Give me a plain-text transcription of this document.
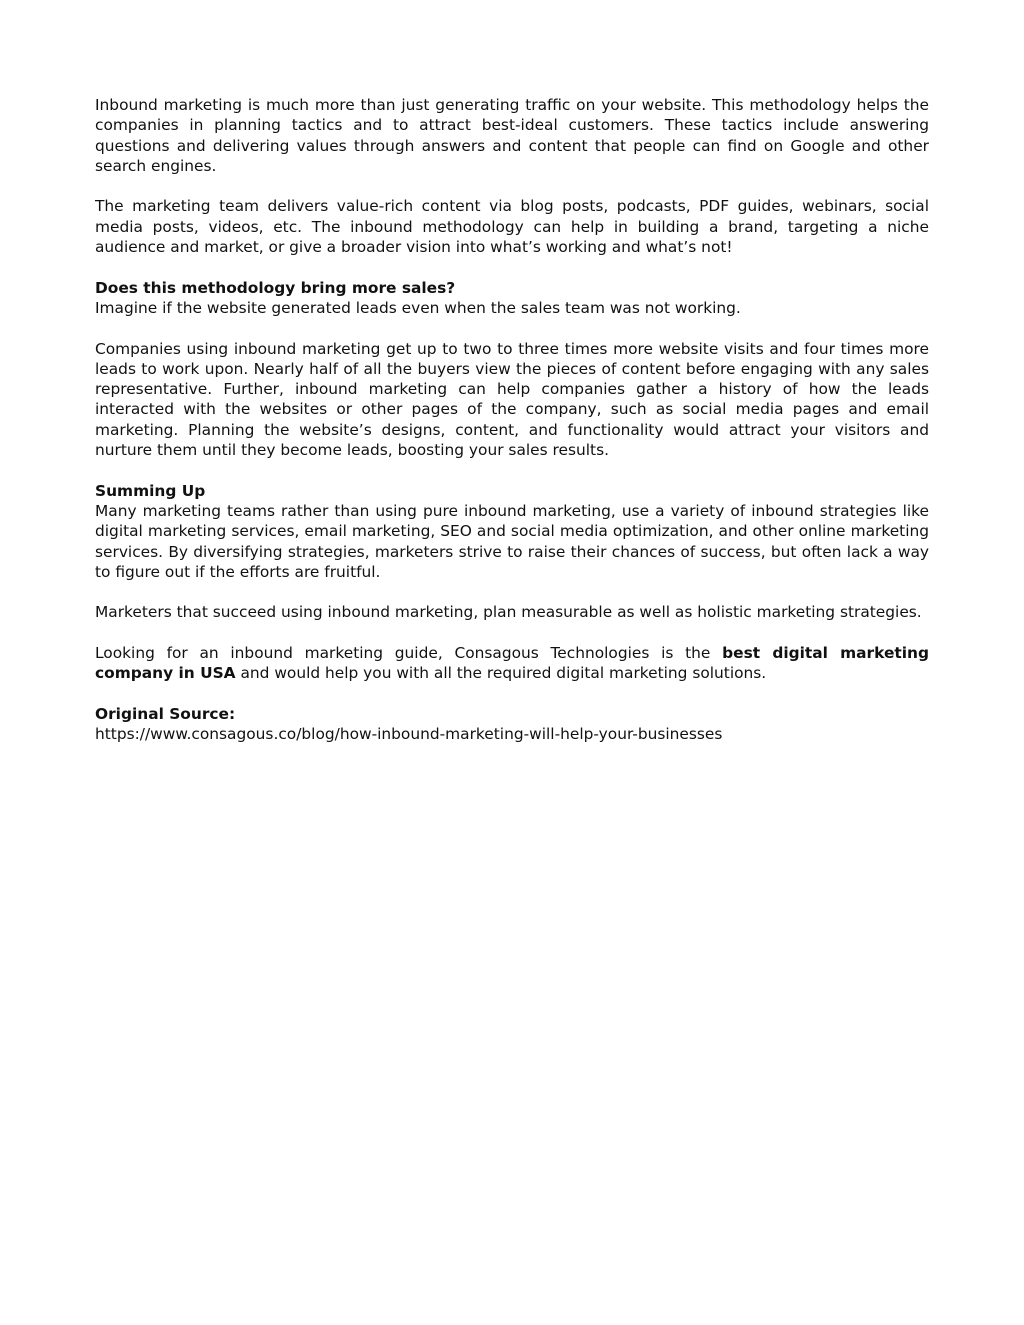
Inbound marketing is much more than just generating traffic on your website. This methodology helps the companies in planning tactics and to attract best-ideal customers. These tactics include answering questions and delivering values through answers and content that people can find on Google and other search engines.

The marketing team delivers value-rich content via blog posts, podcasts, PDF guides, webinars, social media posts, videos, etc. The inbound methodology can help in building a brand, targeting a niche audience and market, or give a broader vision into what’s working and what’s not!

Does this methodology bring more sales?
Imagine if the website generated leads even when the sales team was not working.

Companies using inbound marketing get up to two to three times more website visits and four times more leads to work upon. Nearly half of all the buyers view the pieces of content before engaging with any sales representative. Further, inbound marketing can help companies gather a history of how the leads interacted with the websites or other pages of the company, such as social media pages and email marketing. Planning the website’s designs, content, and functionality would attract your visitors and nurture them until they become leads, boosting your sales results.

Summing Up
Many marketing teams rather than using pure inbound marketing, use a variety of inbound strategies like digital marketing services, email marketing, SEO and social media optimization, and other online marketing services. By diversifying strategies, marketers strive to raise their chances of success, but often lack a way to figure out if the efforts are fruitful.

Marketers that succeed using inbound marketing, plan measurable as well as holistic marketing strategies.

Looking for an inbound marketing guide, Consagous Technologies is the best digital marketing company in USA and would help you with all the required digital marketing solutions.

Original Source:
https://www.consagous.co/blog/how-inbound-marketing-will-help-your-businesses
